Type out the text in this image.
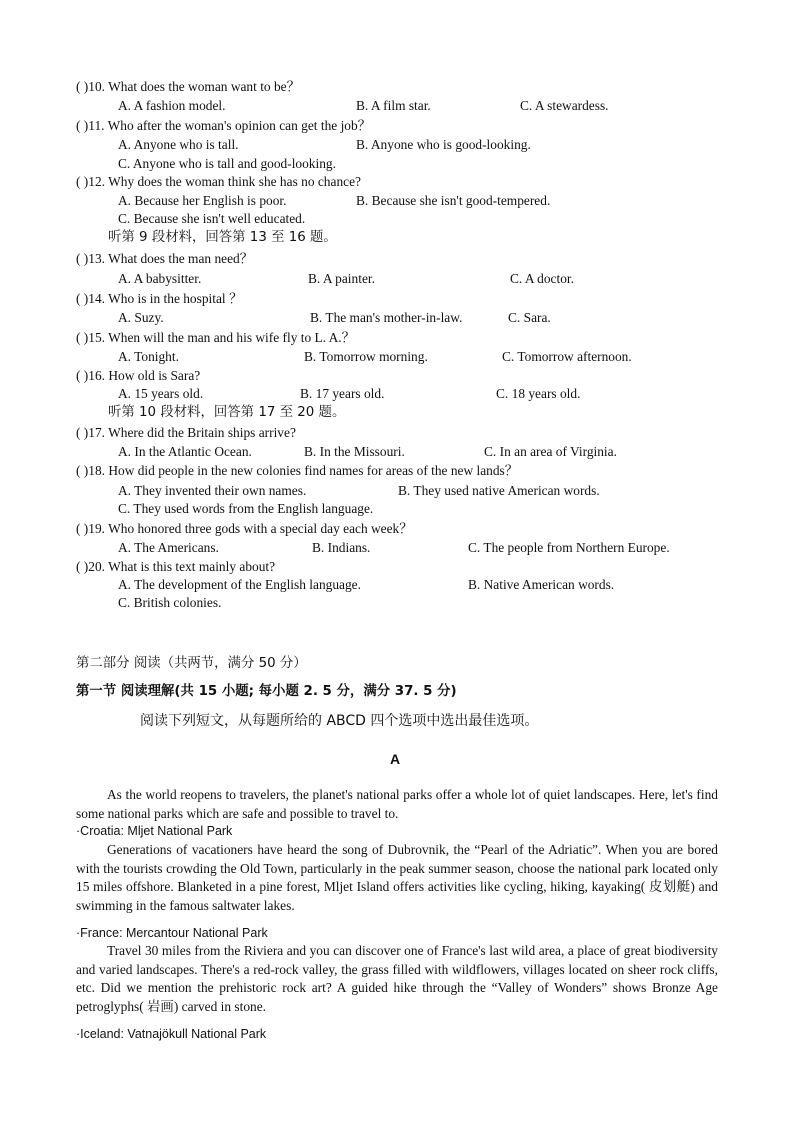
( )10. What does the woman want to be？
A. A fashion model.	B. A film star.	C. A stewardess.
( )11. Who after the woman's opinion can get the job？
A. Anyone who is tall.	B. Anyone who is good-looking.
C. Anyone who is tall and good-looking.
( )12. Why does the woman think she has no chance?
A. Because her English is poor.	B. Because she isn't good-tempered.
C. Because she isn't well educated.
听第 9 段材料，回答第 13 至 16 题。
( )13. What does the man need？
A. A babysitter.	B. A painter.	C. A doctor.
( )14. Who is in the hospital ？
A. Suzy.	B. The man's mother-in-law.	C. Sara.
( )15. When will the man and his wife fly to L. A.？
A. Tonight.	B. Tomorrow morning.	C. Tomorrow afternoon.
( )16. How old is Sara?
A. 15 years old.	B. 17 years old.	C. 18 years old.
听第 10 段材料，回答第 17 至 20 题。
( )17. Where did the Britain ships arrive?
A. In the Atlantic Ocean.	B. In the Missouri.	C. In an area of Virginia.
( )18. How did people in the new colonies find names for areas of the new lands？
A. They invented their own names.	B. They used native American words.
C. They used words from the English language.
( )19. Who honored three gods with a special day each week？
A. The Americans.	B. Indians.	C. The people from Northern Europe.
( )20. What is this text mainly about?
A. The development of the English language.	B. Native American words.
C. British colonies.
第二部分 阅读（共两节，满分 50 分）
第一节 阅读理解(共 15 小题; 每小题 2. 5 分，满分 37. 5 分)
阅读下列短文，从每题所给的 ABCD 四个选项中选出最佳选项。
A
As the world reopens to travelers, the planet's national parks offer a whole lot of quiet landscapes. Here, let's find some national parks which are safe and possible to travel to.
·Croatia: Mljet National Park
Generations of vacationers have heard the song of Dubrovnik, the “Pearl of the Adriatic”. When you are bored with the tourists crowding the Old Town, particularly in the peak summer season, choose the national park located only 15 miles offshore. Blanketed in a pine forest, Mljet Island offers activities like cycling, hiking, kayaking( 皮划艇) and swimming in the famous saltwater lakes.
·France: Mercantour National Park
Travel 30 miles from the Riviera and you can discover one of France's last wild area, a place of great biodiversity and varied landscapes. There's a red-rock valley, the grass filled with wildflowers, villages located on sheer rock cliffs, etc. Did we mention the prehistoric rock art? A guided hike through the “Valley of Wonders” shows Bronze Age petroglyphs( 岩画) carved in stone.
·Iceland: Vatnajökull National Park
